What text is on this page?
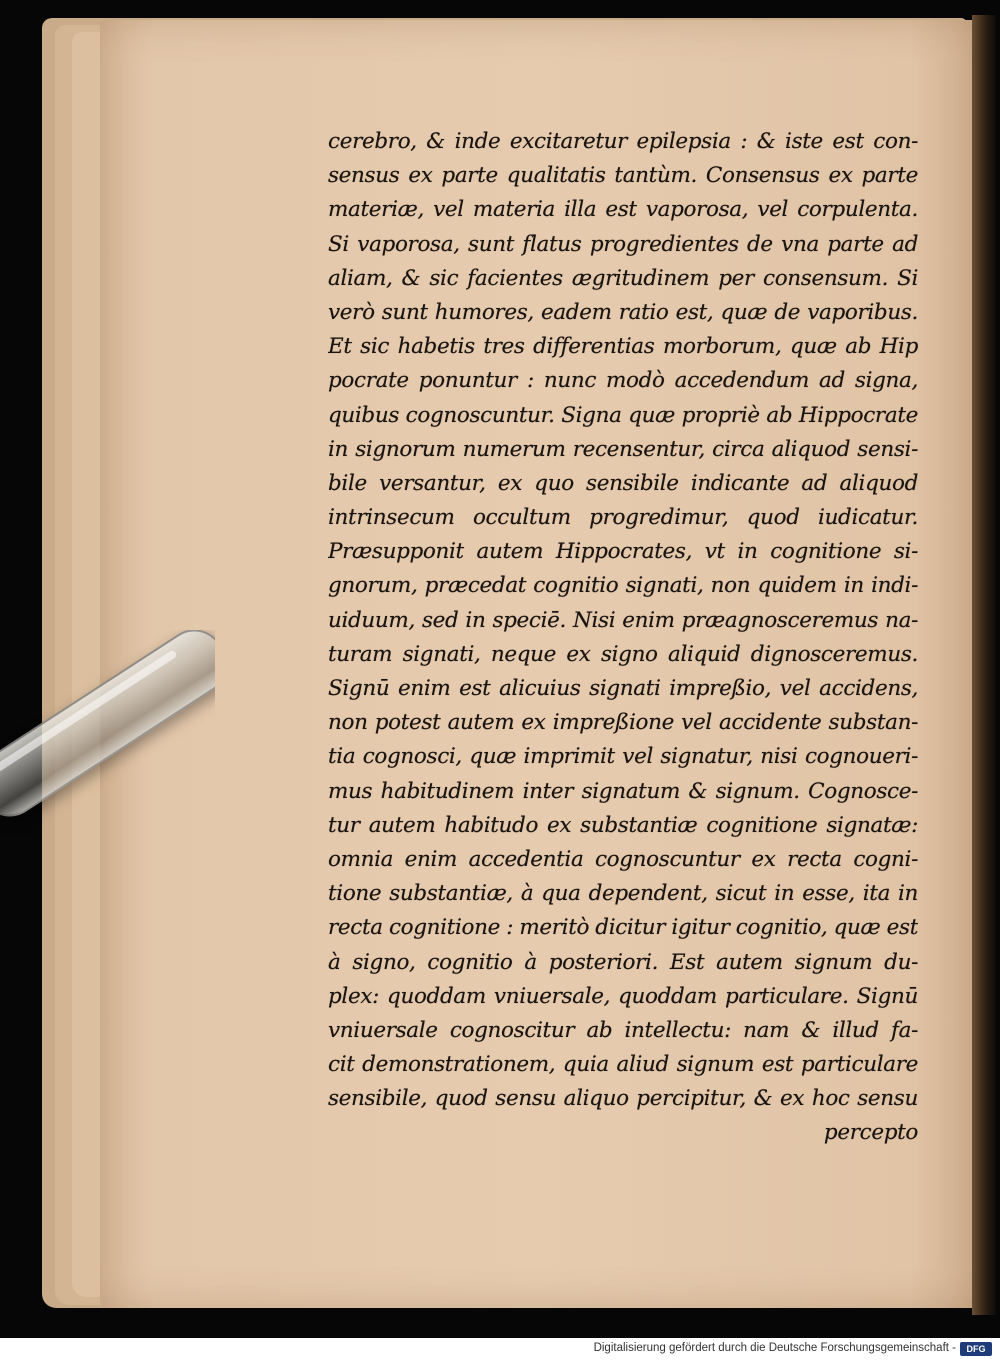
cerebro, & inde excitaretur epilepsia : & iste est con-
sensus ex parte qualitatis tantùm. Consensus ex parte
materiæ, vel materia illa est vaporosa, vel corpulenta.
Si vaporosa, sunt flatus progredientes de vna parte ad
aliam, & sic facientes ægritudinem per consensum. Si
verò sunt humores, eadem ratio est, quæ de vaporibus.
Et sic habetis tres differentias morborum, quæ ab Hip
pocrate ponuntur : nunc modò accedendum ad signa,
quibus cognoscuntur. Signa quæ propriè ab Hippocrate
in signorum numerum recensentur, circa aliquod sensi-
bile versantur, ex quo sensibile indicante ad aliquod
intrinsecum occultum progredimur, quod iudicatur.
Præsupponit autem Hippocrates, vt in cognitione si-
gnorum, præcedat cognitio signati, non quidem in indi-
uiduum, sed in speciē. Nisi enim præagnosceremus na-
turam signati, neque ex signo aliquid dignosceremus.
Signū enim est alicuius signati impreßio, vel accidens,
non potest autem ex impreßione vel accidente substan-
tia cognosci, quæ imprimit vel signatur, nisi cognoueri-
mus habitudinem inter signatum & signum. Cognosce-
tur autem habitudo ex substantiæ cognitione signatæ:
omnia enim accedentia cognoscuntur ex recta cogni-
tione substantiæ, à qua dependent, sicut in esse, ita in
recta cognitione : meritò dicitur igitur cognitio, quæ est
à signo, cognitio à posteriori. Est autem signum du-
plex: quoddam vniuersale, quoddam particulare. Signū
vniuersale cognoscitur ab intellectu: nam & illud fa-
cit demonstrationem, quia aliud signum est particulare
sensibile, quod sensu aliquo percipitur, & ex hoc sensu
percepto
Digitalisierung gefördert durch die Deutsche Forschungsgemeinschaft -	DFG
